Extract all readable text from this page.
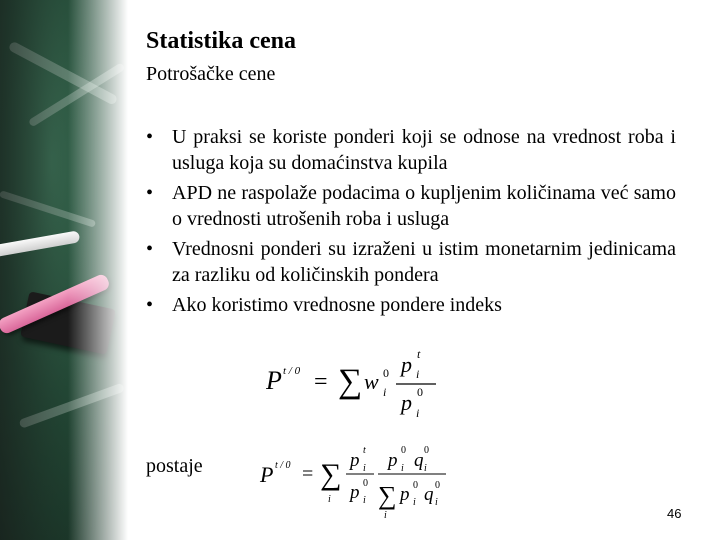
Statistika cena
Potrošačke cene
• U praksi se koriste ponderi koji se odnose na vrednost roba i usluga koja su domaćinstva kupila
• APD ne raspolaže podacima o kupljenim količinama već samo o vrednosti utrošenih roba i usluga
• Vrednosni ponderi su izraženi u istim monetarnim jedinicama za razliku od količinskih pondera
• Ako koristimo vrednosne pondere indeks
P t / 0 = ∑ w 0
i
p t
i
p 0
i
postaje	P t / 0 = ∑
i
p t
i
p 0
i
p 0
i q 0
i
∑
i
p 0
i q 0
i
46
